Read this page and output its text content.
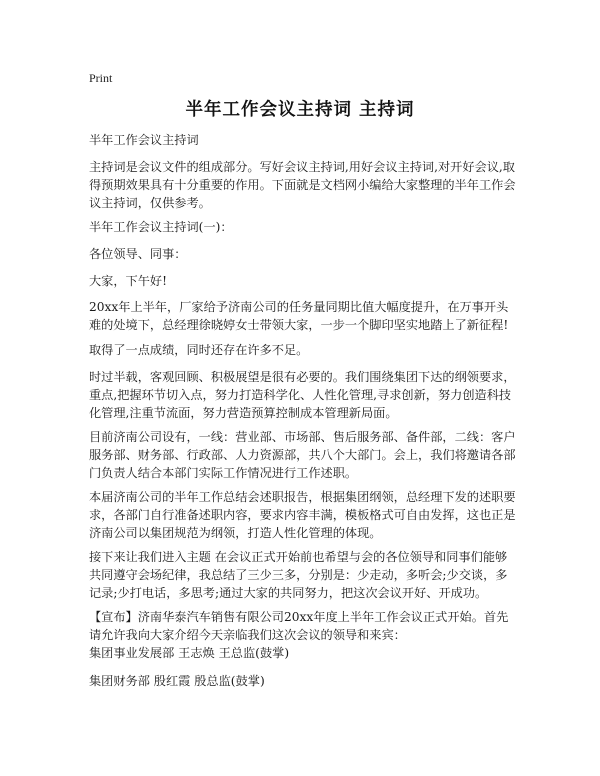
Print
半年工作会议主持词 主持词

半年工作会议主持词

主持词是会议文件的组成部分。写好会议主持词,用好会议主持词,对开好会议,取得预期效果具有十分重要的作用。下面就是文档网小编给大家整理的半年工作会议主持词，仅供参考。

半年工作会议主持词(一)：

各位领导、同事：

大家，下午好!

20xx年上半年，厂家给予济南公司的任务量同期比值大幅度提升，在万事开头难的处境下，总经理徐晓婷女士带领大家，一步一个脚印坚实地踏上了新征程!

取得了一点成绩，同时还存在许多不足。

时过半载，客观回顾、积极展望是很有必要的。我们围绕集团下达的纲领要求，重点,把握环节切入点，努力打造科学化、人性化管理,寻求创新，努力创造科技化管理,注重节流面，努力营造预算控制成本管理新局面。

目前济南公司设有，一线：营业部、市场部、售后服务部、备件部，二线：客户服务部、财务部、行政部、人力资源部，共八个大部门。会上，我们将邀请各部门负责人结合本部门实际工作情况进行工作述职。

本届济南公司的半年工作总结会述职报告，根据集团纲领，总经理下发的述职要求，各部门自行准备述职内容，要求内容丰满，模板格式可自由发挥，这也正是济南公司以集团规范为纲领，打造人性化管理的体现。

接下来让我们进入主题 在会议正式开始前也希望与会的各位领导和同事们能够共同遵守会场纪律，我总结了三少三多，分别是：少走动，多听会;少交谈，多记录;少打电话，多思考;通过大家的共同努力，把这次会议开好、开成功。

【宣布】济南华泰汽车销售有限公司20xx年度上半年工作会议正式开始。首先请允许我向大家介绍今天亲临我们这次会议的领导和来宾：

集团事业发展部 王志焕 王总监(鼓掌)

集团财务部 殷红霞 殷总监(鼓掌)
